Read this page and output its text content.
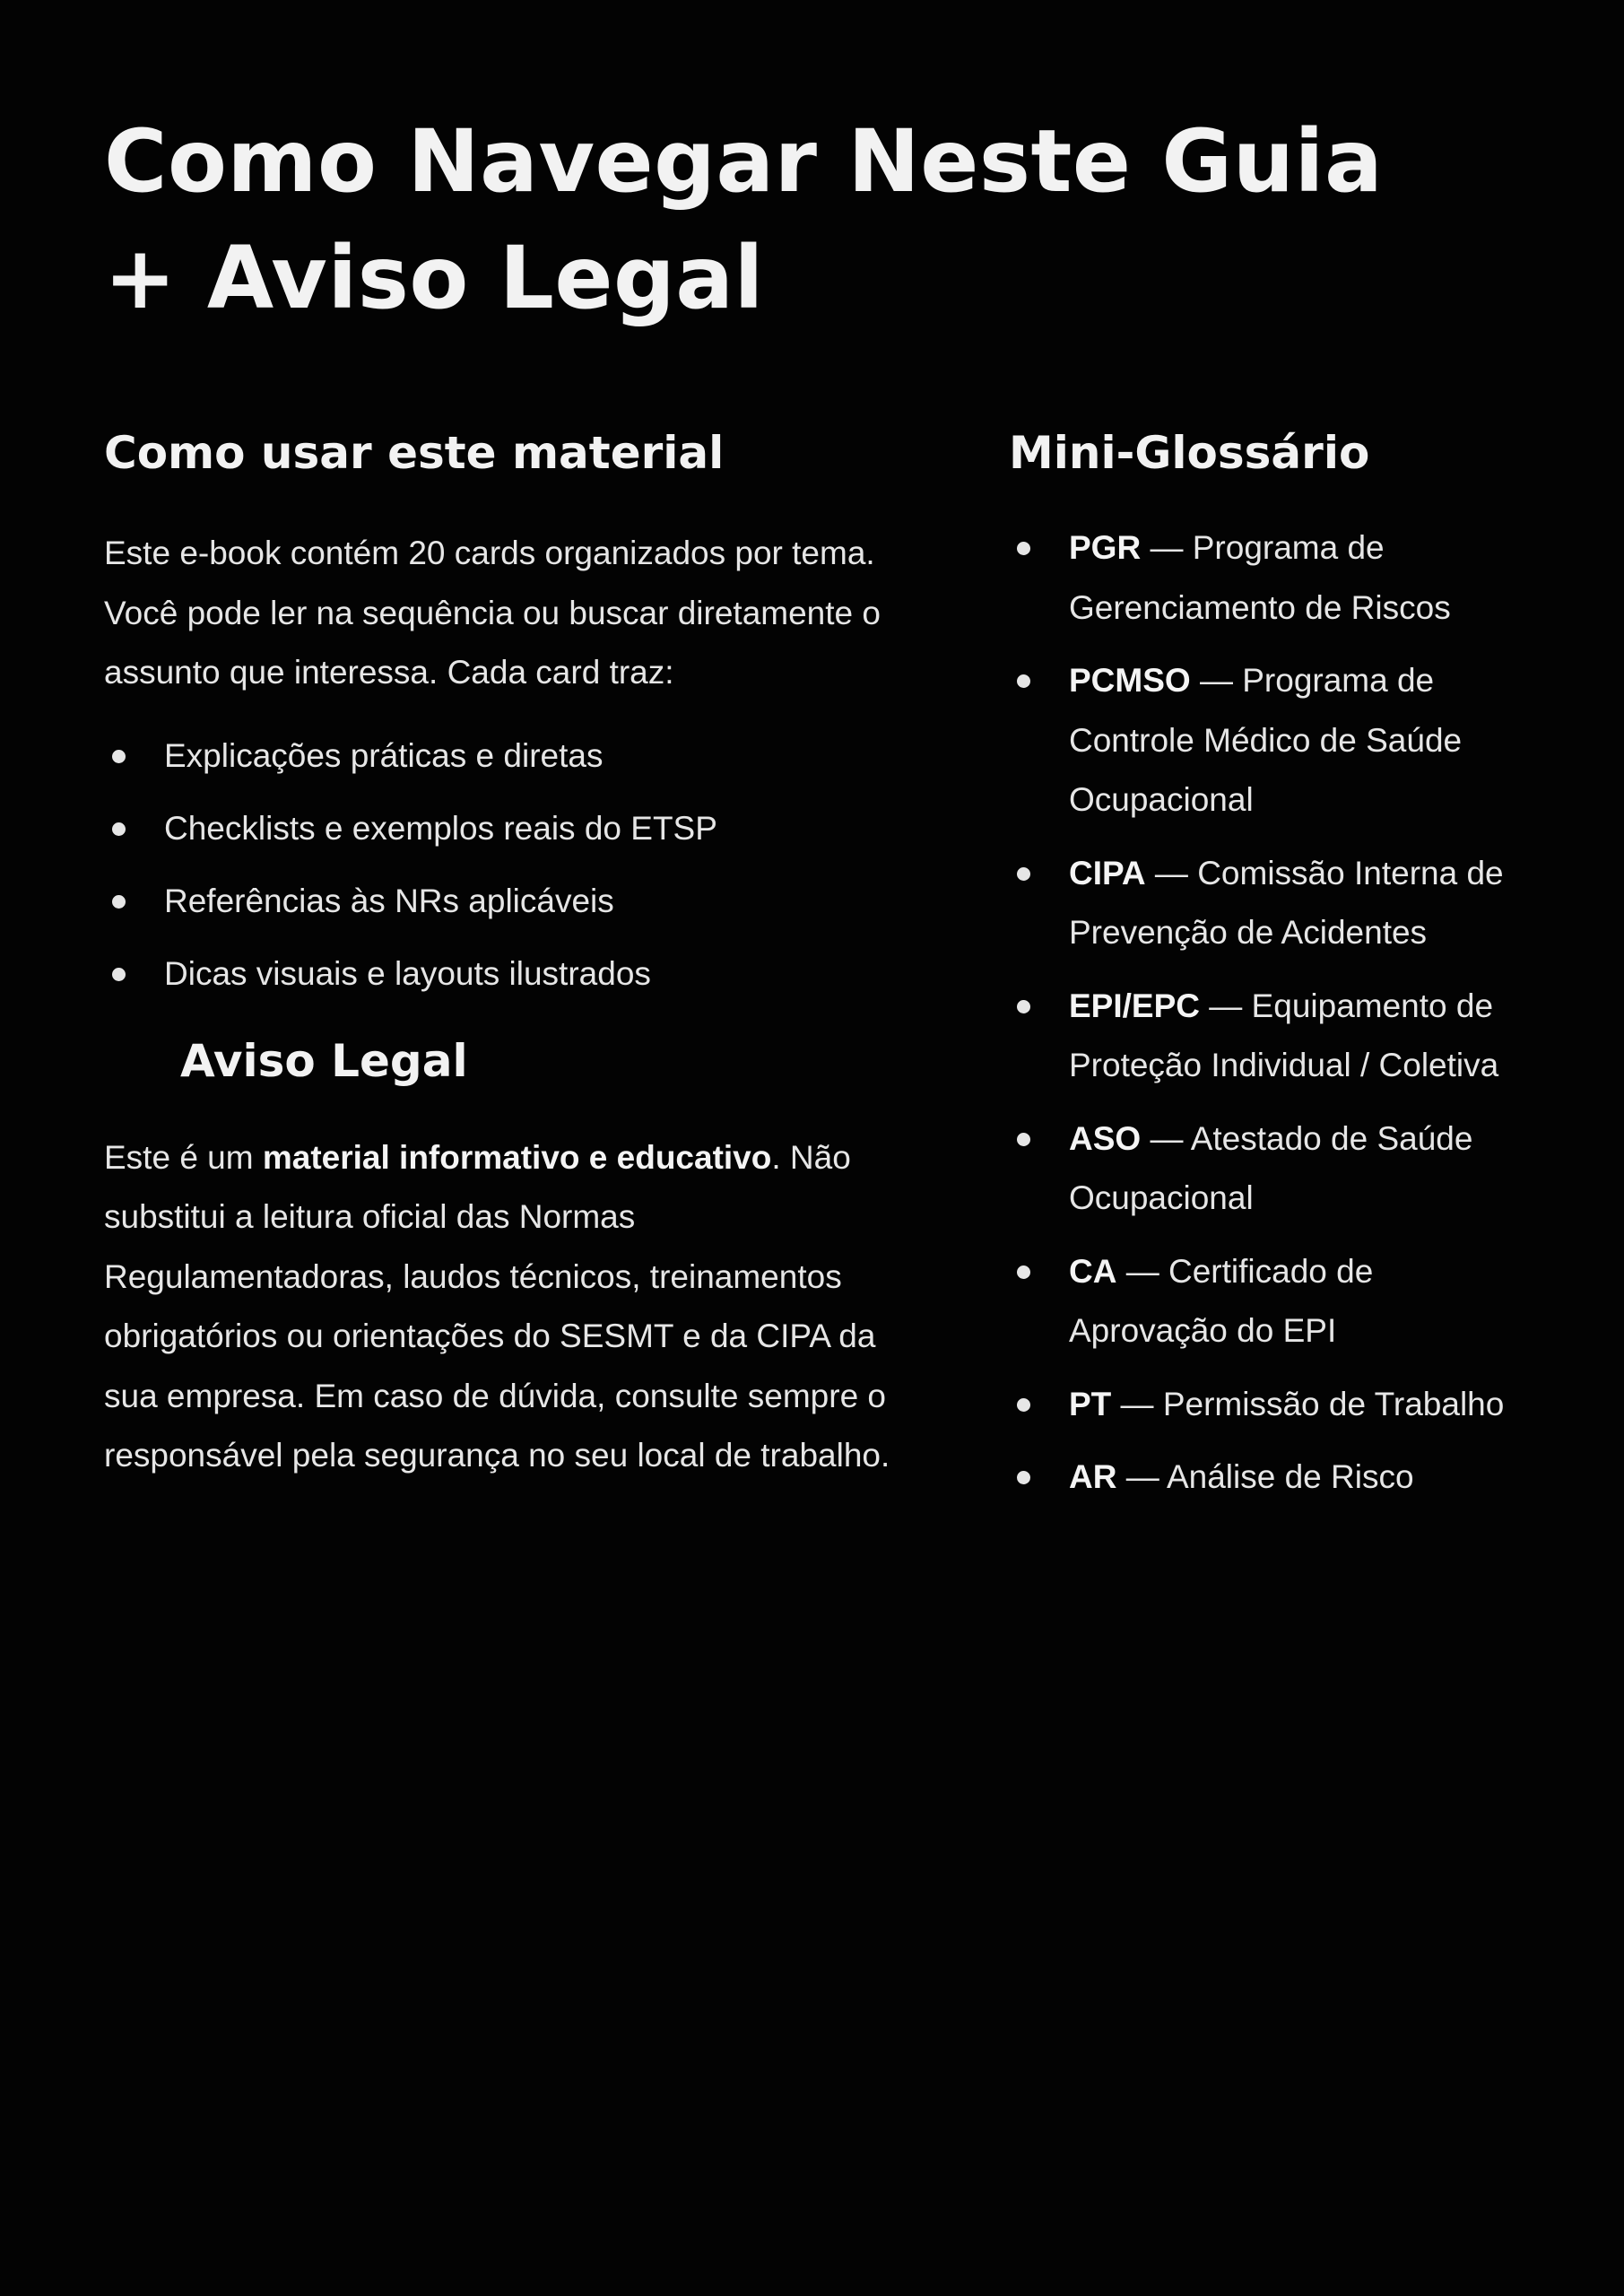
Como Navegar Neste Guia + Aviso Legal
Como usar este material

Este e-book contém 20 cards organizados por tema. Você pode ler na sequência ou buscar diretamente o assunto que interessa. Cada card traz:

Explicações práticas e diretas
Checklists e exemplos reais do ETSP
Referências às NRs aplicáveis
Dicas visuais e layouts ilustrados
Aviso Legal

Este é um material informativo e educativo. Não substitui a leitura oficial das Normas Regulamentadoras, laudos técnicos, treinamentos obrigatórios ou orientações do SESMT e da CIPA da sua empresa. Em caso de dúvida, consulte sempre o responsável pela segurança no seu local de trabalho.

Mini-Glossário
PGR — Programa de Gerenciamento de Riscos
PCMSO — Programa de Controle Médico de Saúde Ocupacional
CIPA — Comissão Interna de Prevenção de Acidentes
EPI/EPC — Equipamento de Proteção Individual / Coletiva
ASO — Atestado de Saúde Ocupacional
CA — Certificado de Aprovação do EPI
PT — Permissão de Trabalho
AR — Análise de Risco
